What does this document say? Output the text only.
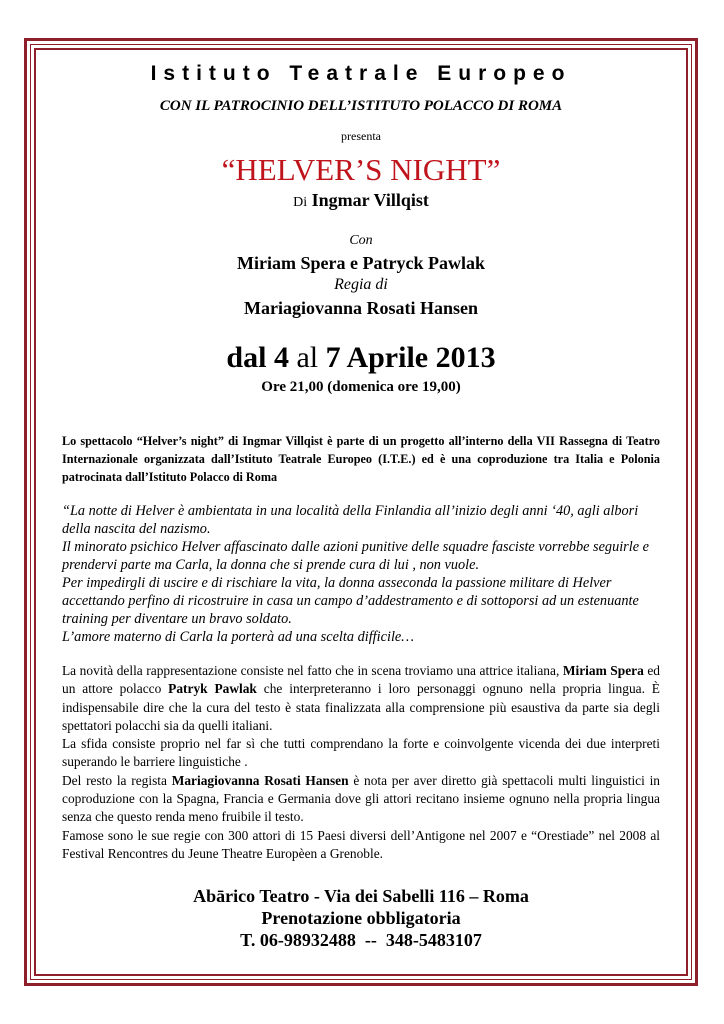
Istituto Teatrale Europeo

CON IL PATROCINIO DELL’ISTITUTO POLACCO DI ROMA

presenta

“HELVER’S NIGHT”

Di Ingmar Villqist

Con

Miriam Spera e Patryck Pawlak

Regia di

Mariagiovanna Rosati Hansen

dal 4 al 7 Aprile 2013

Ore 21,00 (domenica ore 19,00)

Lo spettacolo “Helver’s night” di Ingmar Villqist è parte di un progetto all’interno della VII Rassegna di Teatro Internazionale organizzata dall’Istituto Teatrale Europeo (I.T.E.) ed è una coproduzione tra Italia e Polonia patrocinata dall’Istituto Polacco di Roma

“La notte di Helver è ambientata in una località della Finlandia all’inizio degli anni ‘40, agli albori della nascita del nazismo.

Il minorato psichico Helver affascinato dalle azioni punitive delle squadre fasciste vorrebbe seguirle e prendervi parte ma Carla, la donna che si prende cura di lui , non vuole.

Per impedirgli di uscire e di rischiare la vita, la donna asseconda la passione militare di Helver accettando perfino di ricostruire in casa un campo d’addestramento e di sottoporsi ad un estenuante training per diventare un bravo soldato.

L’amore materno di Carla la porterà ad una scelta difficile…

La novità della rappresentazione consiste nel fatto che in scena troviamo una attrice italiana, Miriam Spera ed un attore polacco Patryk Pawlak che interpreteranno i loro personaggi ognuno nella propria lingua. È indispensabile dire che la cura del testo è stata finalizzata alla comprensione più esaustiva da parte sia degli spettatori polacchi sia da quelli italiani.

La sfida consiste proprio nel far sì che tutti comprendano la forte e coinvolgente vicenda dei due interpreti superando le barriere linguistiche .

Del resto la regista Mariagiovanna Rosati Hansen è nota per aver diretto già spettacoli multi linguistici in coproduzione con la Spagna, Francia e Germania dove gli attori recitano insieme ognuno nella propria lingua senza che questo renda meno fruibile il testo.

Famose sono le sue regie con 300 attori di 15 Paesi diversi dell’Antigone nel 2007 e “Orestiade” nel 2008 al Festival Rencontres du Jeune Theatre Europèen a Grenoble.

Abārico Teatro - Via dei Sabelli 116 – Roma

Prenotazione obbligatoria

T. 06-98932488  --  348-5483107
